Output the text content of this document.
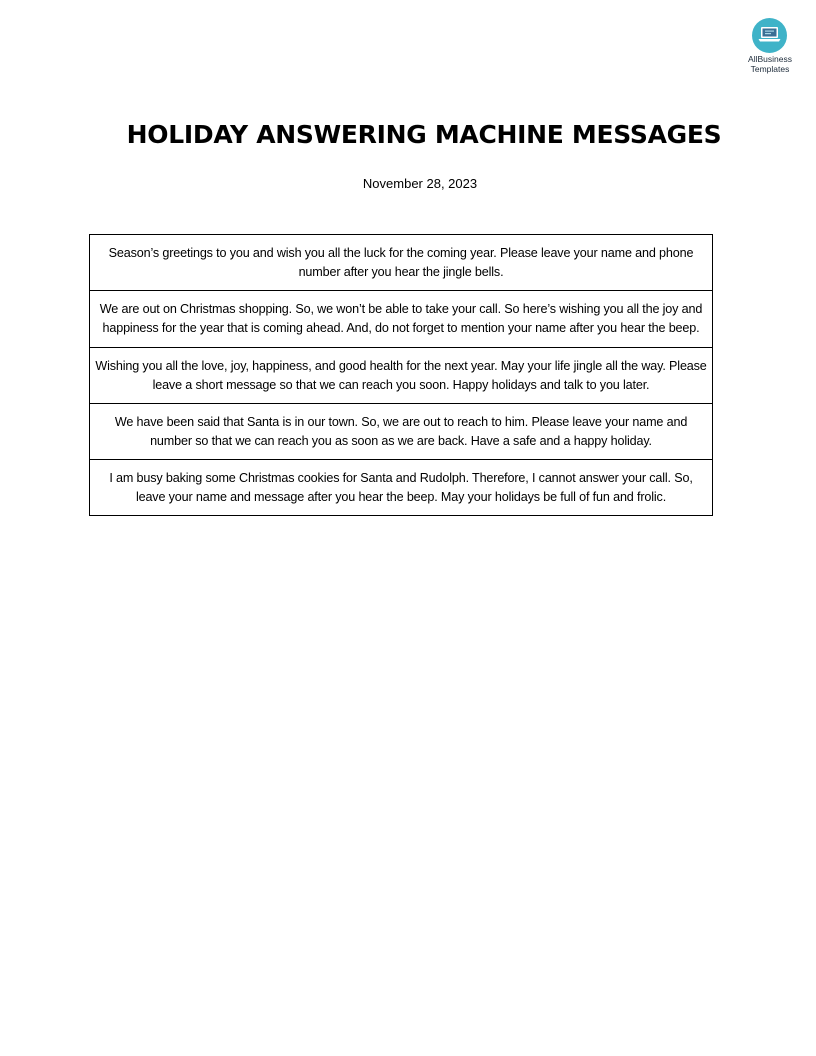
AllBusiness
Templates
HOLIDAY ANSWERING MACHINE MESSAGES
November 28, 2023
Season’s greetings to you and wish you all the luck for the coming year. Please leave your name and phone number after you hear the jingle bells.
We are out on Christmas shopping. So, we won’t be able to take your call. So here’s wishing you all the joy and happiness for the year that is coming ahead. And, do not forget to mention your name after you hear the beep.
Wishing you all the love, joy, happiness, and good health for the next year. May your life jingle all the way. Please leave a short message so that we can reach you soon. Happy holidays and talk to you later.
We have been said that Santa is in our town. So, we are out to reach to him. Please leave your name and number so that we can reach you as soon as we are back. Have a safe and a happy holiday.
I am busy baking some Christmas cookies for Santa and Rudolph. Therefore, I cannot answer your call. So, leave your name and message after you hear the beep. May your holidays be full of fun and frolic.
